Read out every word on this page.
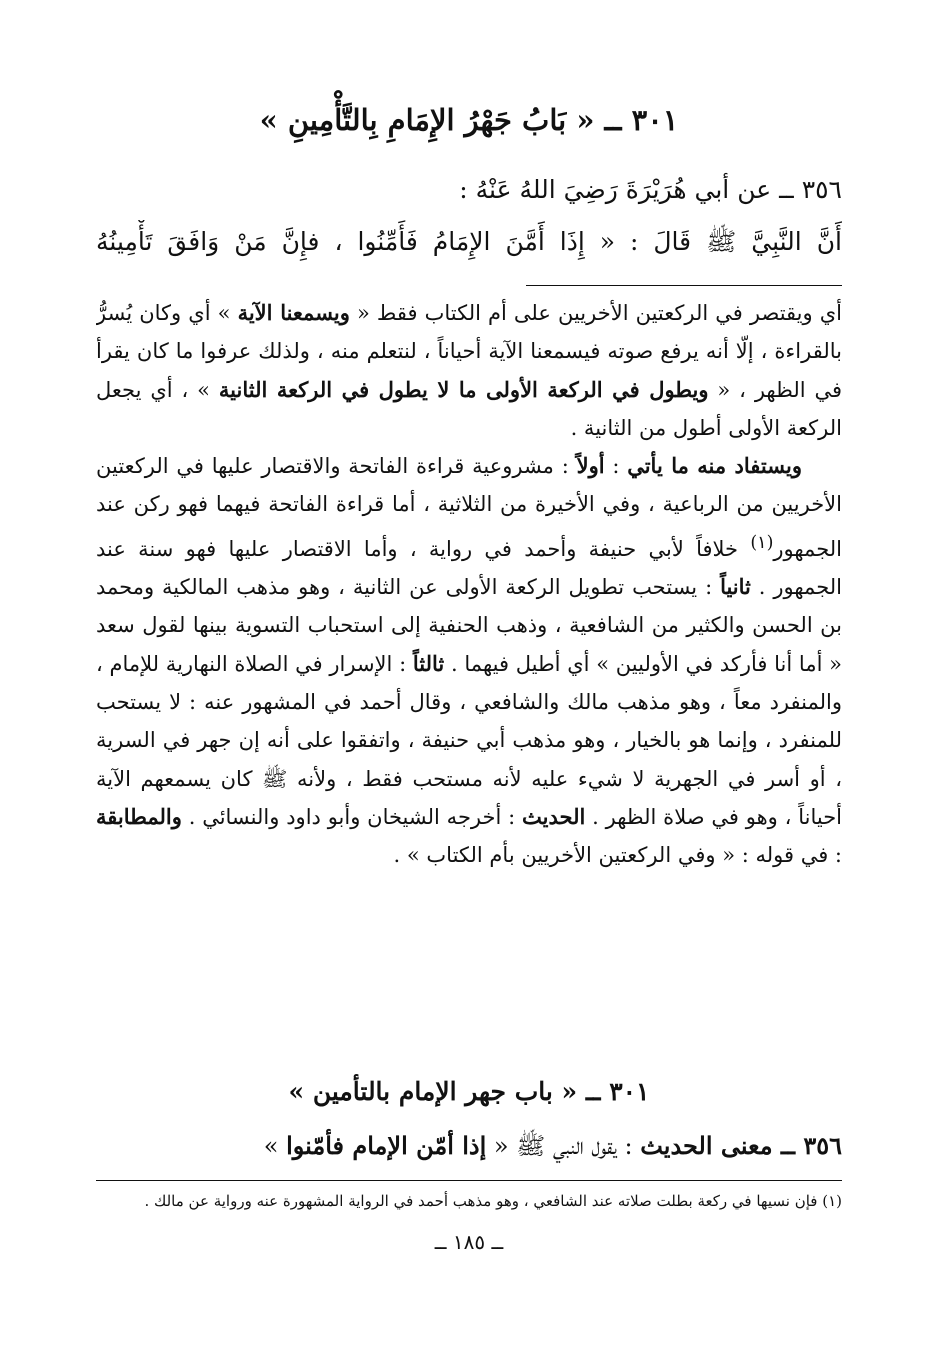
٣٠١ ــ « بَابُ جَهْرُ الإِمَامِ بِالتَّأْمِينِ »
٣٥٦ ــ عن أبي هُرَيْرَةَ رَضِيَ اللهُ عَنْهُ :
أَنَّ النَّبِيَّ ﷺ قَالَ : « إِذَا أَمَّنَ الإِمَامُ فَأَمِّنُوا ، فإِنَّ مَنْ وَافَقَ تَأْمِينُهُ

أي ويقتصر في الركعتين الأخريين على أم الكتاب فقط « ويسمعنا الآية » أي وكان يُسرُّ بالقراءة ، إلّا أنه يرفع صوته فيسمعنا الآية أحياناً ، لنتعلم منه ، ولذلك عرفوا ما كان يقرأ في الظهر ، « ويطول في الركعة الأولى ما لا يطول في الركعة الثانية » ، أي يجعل الركعة الأولى أطول من الثانية .

ويستفاد منه ما يأتي : أولاً : مشروعية قراءة الفاتحة والاقتصار عليها في الركعتين الأخريين من الرباعية ، وفي الأخيرة من الثلاثية ، أما قراءة الفاتحة فيهما فهو ركن عند الجمهور$^{(١)}$ خلافاً لأبي حنيفة وأحمد في رواية ، وأما الاقتصار عليها فهو سنة عند الجمهور . ثانياً : يستحب تطويل الركعة الأولى عن الثانية ، وهو مذهب المالكية ومحمد بن الحسن والكثير من الشافعية ، وذهب الحنفية إلى استحباب التسوية بينها لقول سعد « أما أنا فأركد في الأوليين » أي أطيل فيهما . ثالثاً : الإسرار في الصلاة النهارية للإمام ، والمنفرد معاً ، وهو مذهب مالك والشافعي ، وقال أحمد في المشهور عنه : لا يستحب للمنفرد ، وإنما هو بالخيار ، وهو مذهب أبي حنيفة ، واتفقوا على أنه إن جهر في السرية ، أو أسر في الجهرية لا شيء عليه لأنه مستحب فقط ، ولأنه ﷺ كان يسمعهم الآية أحياناً ، وهو في صلاة الظهر . الحديث : أخرجه الشيخان وأبو داود والنسائي . والمطابقة : في قوله : « وفي الركعتين الأخريين بأم الكتاب » .

٣٠١ ــ « باب جهر الإمام بالتأمين »
٣٥٦ ــ معنى الحديث : يقول النبي ﷺ « إذا أمّن الإمام فأمّنوا »
(١) فإن نسيها في ركعة بطلت صلاته عند الشافعي ، وهو مذهب أحمد في الرواية المشهورة عنه ورواية عن مالك .
ــ ١٨٥ ــ
